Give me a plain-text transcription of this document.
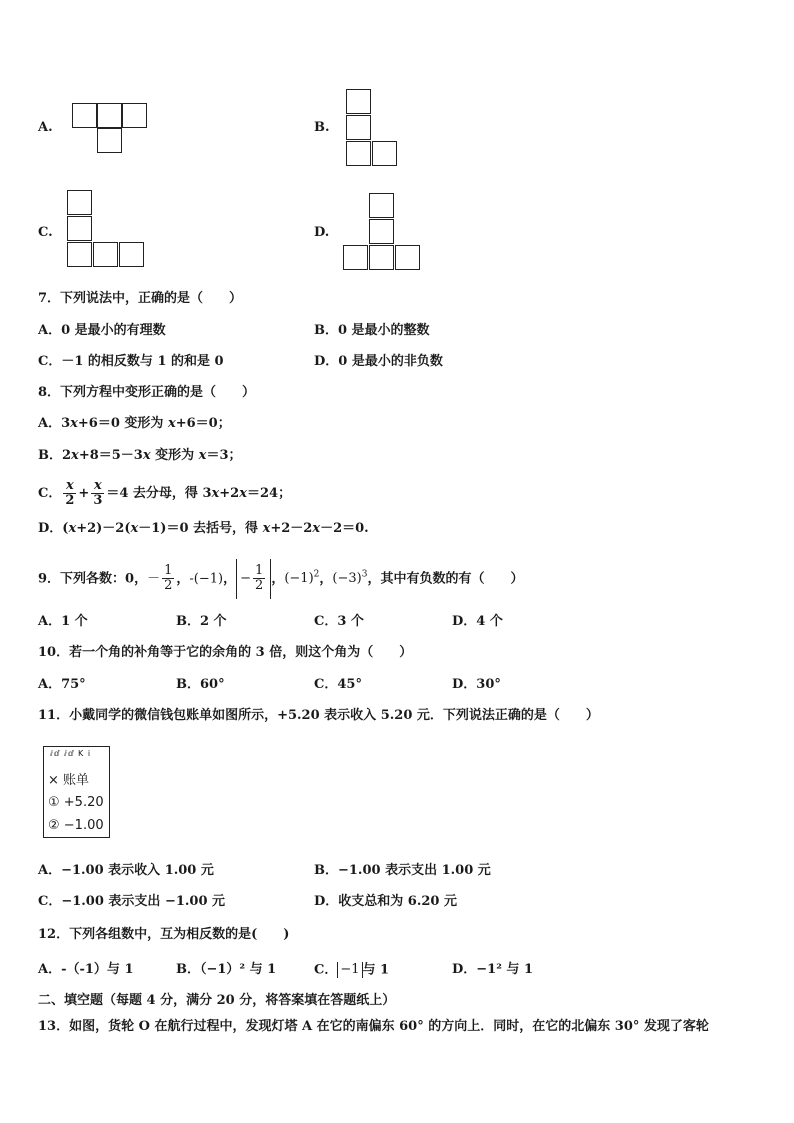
A.	B.
C.	D.
7．下列说法中，正确的是（　　）
A．0 是最小的有理数	B．0 是最小的整数
C．－1 的相反数与 1 的和是 0	D．0 是最小的非负数
8．下列方程中变形正确的是（　　）
A．3x+6＝0 变形为 x+6＝0；
B．2x+8＝5－3x 变形为 x＝3；
C． $\frac{x}{2} + \frac{x}{3} =4$ 去分母，得 3x+2x＝24；
D．(x+2)－2(x－1)＝0 去括号，得 x+2－2x－2＝0.
9．下列各数：0，－ $\frac{1}{2}$ ，-(−1)， − $\frac{1}{2}$ ，$(-1)^2$，$(-3)^3$，其中有负数的有（　　）
A．1 个	B．2 个	C．3 个	D．4 个
10．若一个角的补角等于它的余角的 3 倍，则这个角为（　　）
A．75°	B．60°	C．45°	D．30°
11．小戴同学的微信钱包账单如图所示，+5.20 表示收入 5.20 元．下列说法正确的是（　　）
ⅈⅆ ⅈⅆ K ⅰ
× 账单
① +5.20
② −1.00
A．−1.00 表示收入 1.00 元	B．−1.00 表示支出 1.00 元
C．−1.00 表示支出 −1.00 元	D．收支总和为 6.20 元
12．下列各组数中，互为相反数的是(　　)
A．-（-1）与 1	B．（−1）² 与 1	C． −1 与 1	D．−1² 与 1
二、填空题（每题 4 分，满分 20 分，将答案填在答题纸上）
13．如图，货轮 O 在航行过程中，发现灯塔 A 在它的南偏东 60° 的方向上．同时，在它的北偏东 30° 发现了客轮
